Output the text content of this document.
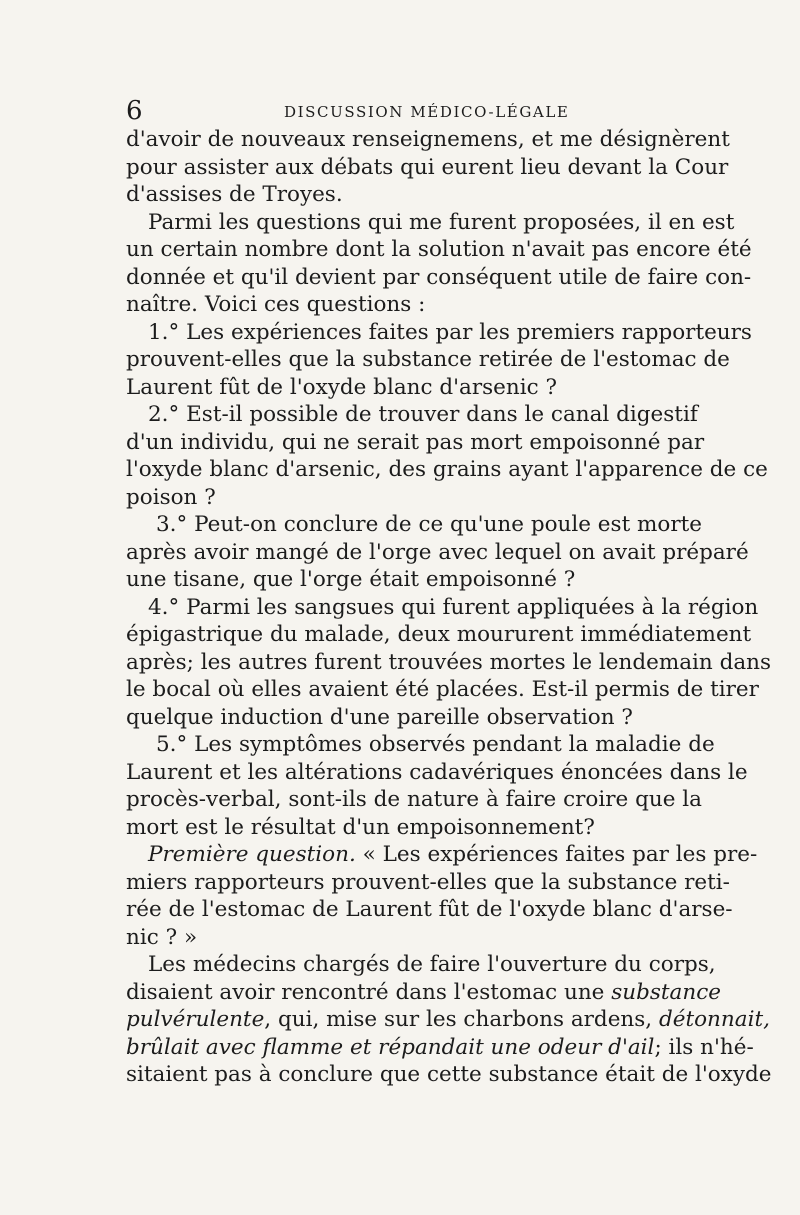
6	DISCUSSION MÉDICO-LÉGALE
d'avoir de nouveaux renseignemens, et me désignèrent
pour assister aux débats qui eurent lieu devant la Cour
d'assises de Troyes.
Parmi les questions qui me furent proposées, il en est
un certain nombre dont la solution n'avait pas encore été
donnée et qu'il devient par conséquent utile de faire con-
naître. Voici ces questions :
1.° Les expériences faites par les premiers rapporteurs
prouvent-elles que la substance retirée de l'estomac de
Laurent fût de l'oxyde blanc d'arsenic ?
2.° Est-il possible de trouver dans le canal digestif
d'un individu, qui ne serait pas mort empoisonné par
l'oxyde blanc d'arsenic, des grains ayant l'apparence de ce
poison ?
3.° Peut-on conclure de ce qu'une poule est morte
après avoir mangé de l'orge avec lequel on avait préparé
une tisane, que l'orge était empoisonné ?
4.° Parmi les sangsues qui furent appliquées à la région
épigastrique du malade, deux moururent immédiatement
après; les autres furent trouvées mortes le lendemain dans
le bocal où elles avaient été placées. Est-il permis de tirer
quelque induction d'une pareille observation ?
5.° Les symptômes observés pendant la maladie de
Laurent et les altérations cadavériques énoncées dans le
procès-verbal, sont-ils de nature à faire croire que la
mort est le résultat d'un empoisonnement?
Première question. « Les expériences faites par les pre-
miers rapporteurs prouvent-elles que la substance reti-
rée de l'estomac de Laurent fût de l'oxyde blanc d'arse-
nic ? »
Les médecins chargés de faire l'ouverture du corps,
disaient avoir rencontré dans l'estomac une substance
pulvérulente, qui, mise sur les charbons ardens, détonnait,
brûlait avec flamme et répandait une odeur d'ail; ils n'hé-
sitaient pas à conclure que cette substance était de l'oxyde
